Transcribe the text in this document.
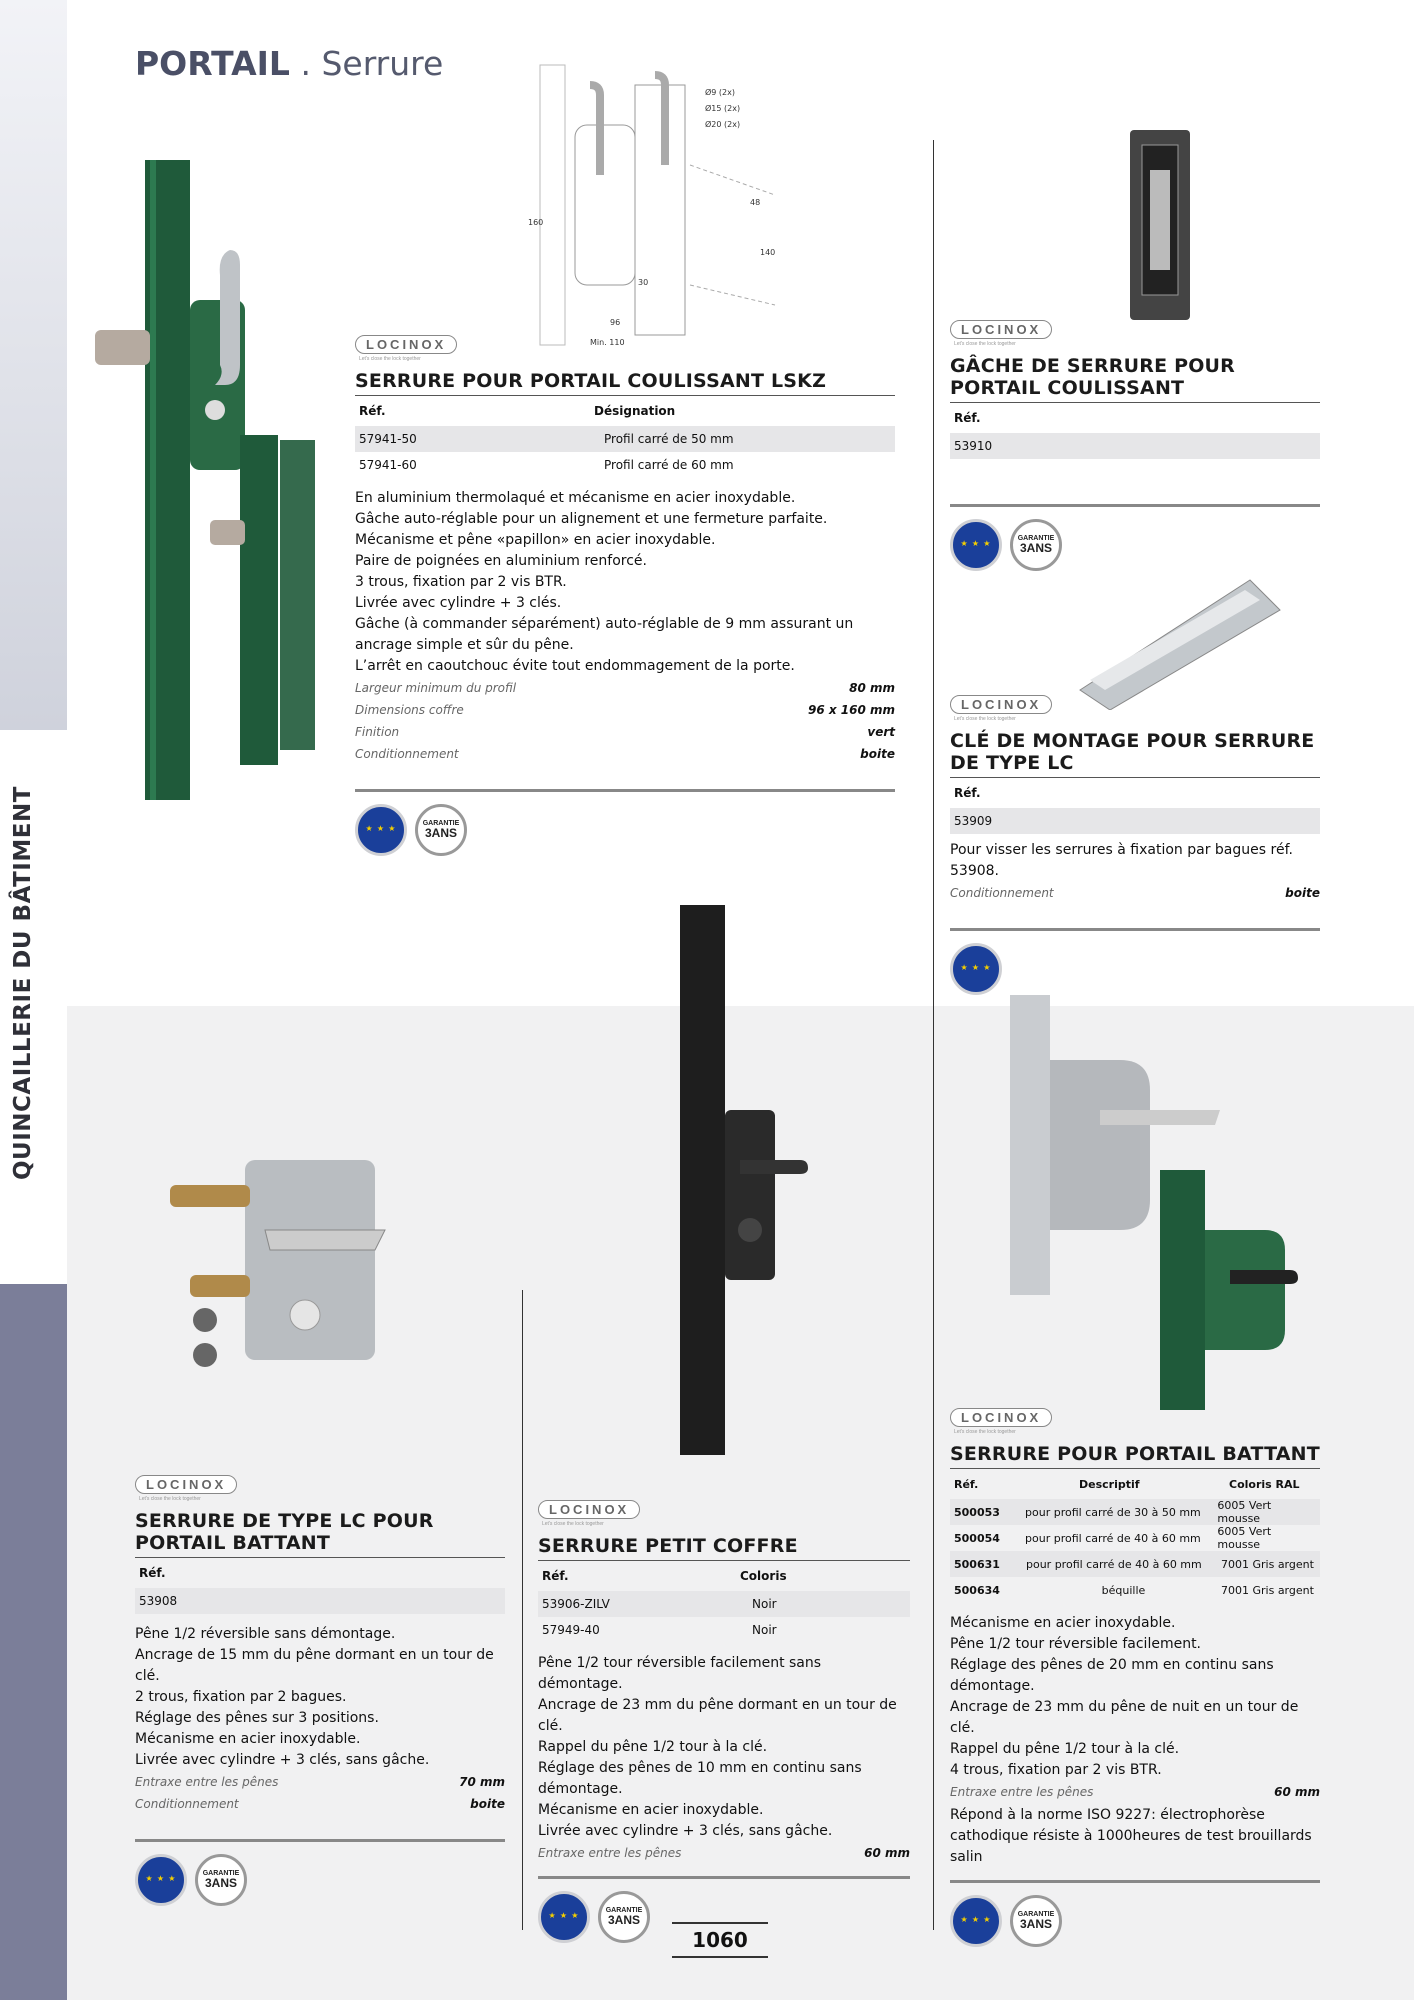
QUINCAILLERIE DU BÂTIMENT
PORTAIL . Serrure
Ø9 (2x)
Ø15 (2x)
Ø20 (2x)
160
48
140
30
96
Min. 110
LOCINOX
Let's close the lock together
SERRURE POUR PORTAIL COULISSANT LSKZ
Réf.	Désignation
57941-50	Profil carré de 50 mm
57941-60	Profil carré de 60 mm
En aluminium thermolaqué et mécanisme en acier inoxydable.
Gâche auto-réglable pour un alignement et une fermeture parfaite.
Mécanisme et pêne «papillon» en acier inoxydable.
Paire de poignées en aluminium renforcé.
3 trous, fixation par 2 vis BTR.
Livrée avec cylindre + 3 clés.
Gâche (à commander séparément) auto-réglable de 9 mm assurant un ancrage simple et sûr du pêne.
L’arrêt en caoutchouc évite tout endommagement de la porte.
Largeur minimum du profil	80 mm
Dimensions coffre	96 x 160 mm
Finition	vert
Conditionnement	boite
★ ★ ★
GARANTIE
3ANS
LOCINOX
Let's close the lock together
GÂCHE DE SERRURE POUR PORTAIL COULISSANT
Réf.
53910
★ ★ ★
GARANTIE
3ANS
LOCINOX
Let's close the lock together
CLÉ DE MONTAGE POUR SERRURE DE TYPE LC
Réf.
53909
Pour visser les serrures à fixation par bagues réf. 53908.
Conditionnement	boite
★ ★ ★
LOCINOX
Let's close the lock together
SERRURE DE TYPE LC POUR PORTAIL BATTANT
Réf.
53908
Pêne 1/2 réversible sans démontage.
Ancrage de 15 mm du pêne dormant en un tour de clé.
2 trous, fixation par 2 bagues.
Réglage des pênes sur 3 positions.
Mécanisme en acier inoxydable.
Livrée avec cylindre + 3 clés, sans gâche.
Entraxe entre les pênes	70 mm
Conditionnement	boite
★ ★ ★
GARANTIE
3ANS
LOCINOX
Let's close the lock together
SERRURE PETIT COFFRE
Réf.	Coloris
53906-ZILV	Noir
57949-40	Noir
Pêne 1/2 tour réversible facilement sans démontage.
Ancrage de 23 mm du pêne dormant en un tour de clé.
Rappel du pêne 1/2 tour à la clé.
Réglage des pênes de 10 mm en continu sans démontage.
Mécanisme en acier inoxydable.
Livrée avec cylindre + 3 clés, sans gâche.
Entraxe entre les pênes	60 mm
★ ★ ★
GARANTIE
3ANS
LOCINOX
Let's close the lock together
SERRURE POUR PORTAIL BATTANT
Réf.	Descriptif	Coloris RAL
500053	pour profil carré de 30 à 50 mm	6005 Vert mousse
500054	pour profil carré de 40 à 60 mm	6005 Vert mousse
500631	pour profil carré de 40 à 60 mm	7001 Gris argent
500634	béquille	7001 Gris argent
Mécanisme en acier inoxydable.
Pêne 1/2 tour réversible facilement.
Réglage des pênes de 20 mm en continu sans démontage.
Ancrage de 23 mm du pêne de nuit en un tour de clé.
Rappel du pêne 1/2 tour à la clé.
4 trous, fixation par 2 vis BTR.
Entraxe entre les pênes	60 mm
Répond à la norme ISO 9227: électrophorèse cathodique résiste à 1000heures de test brouillards salin
★ ★ ★
GARANTIE
3ANS
1060
